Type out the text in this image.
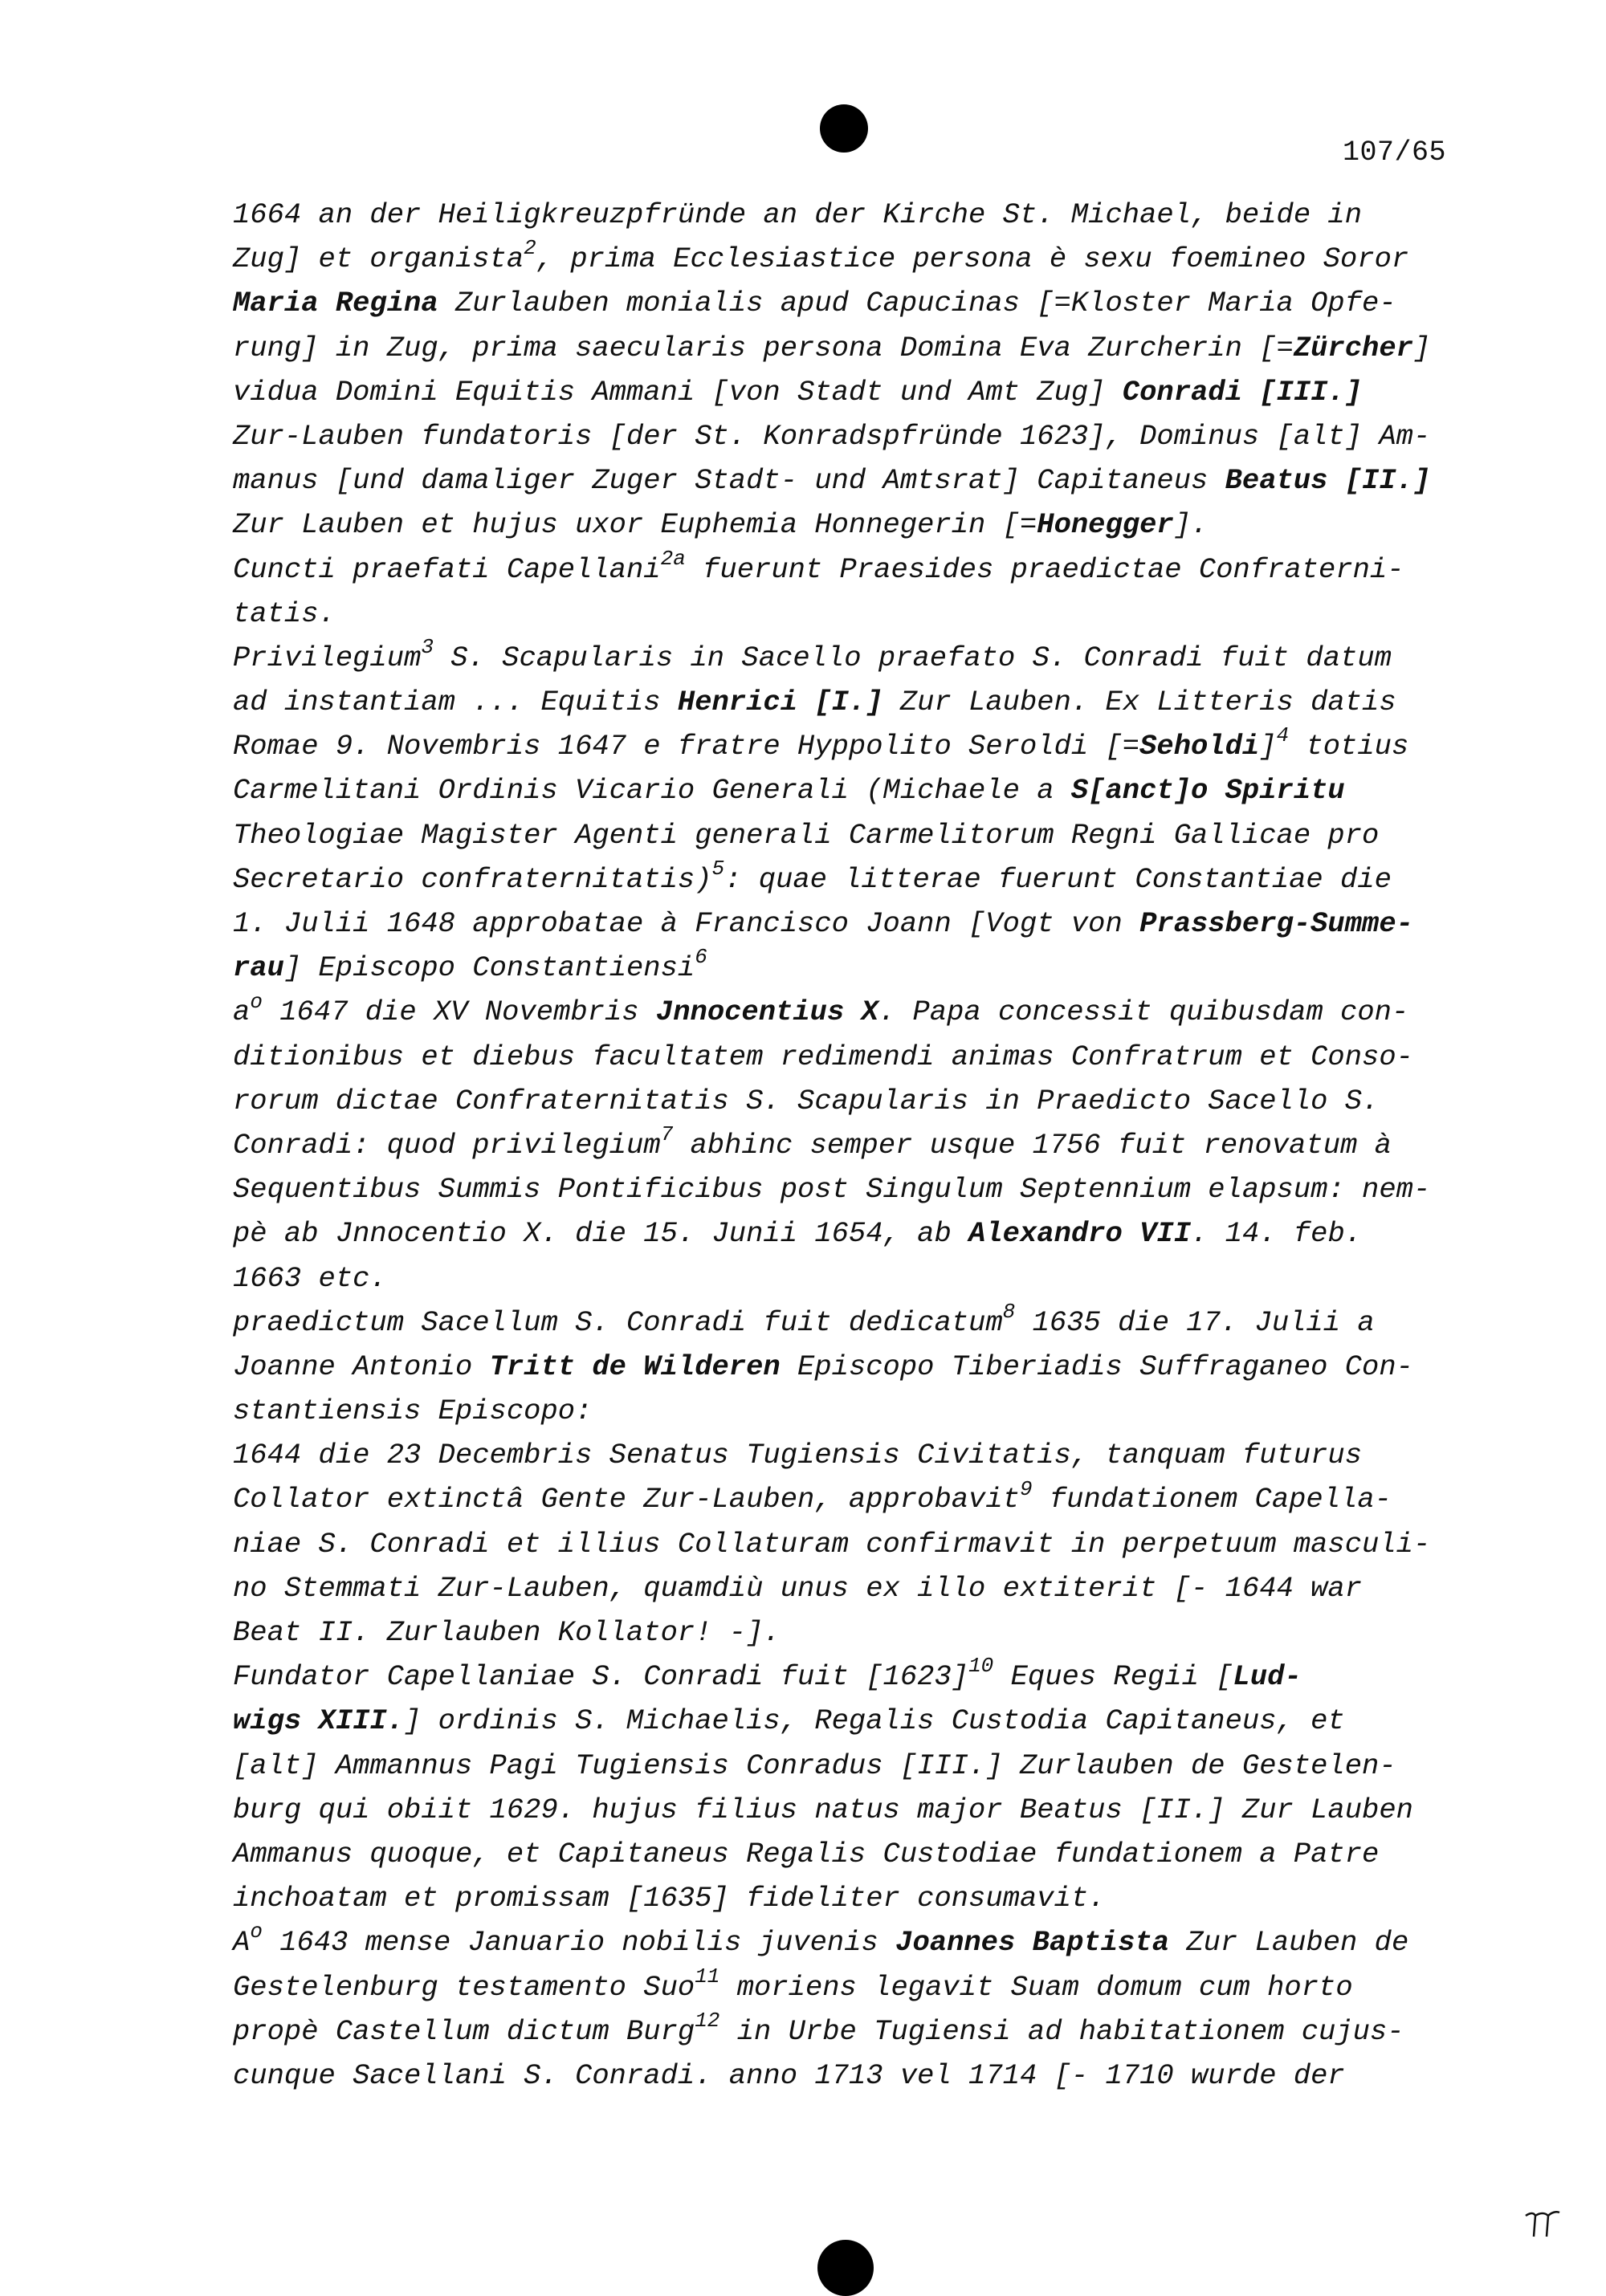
107/65
1664 an der Heiligkreuzpfründe an der Kirche St. Michael, beide in
Zug] et organista$^2$, prima Ecclesiastice persona è sexu foemineo Soror
Maria Regina Zurlauben monialis apud Capucinas [=Kloster Maria Opfe-
rung] in Zug, prima saecularis persona Domina Eva Zurcherin [=Zürcher]
vidua Domini Equitis Ammani [von Stadt und Amt Zug] Conradi [III.]
Zur-Lauben fundatoris [der St. Konradspfründe 1623], Dominus [alt] Am-
manus [und damaliger Zuger Stadt- und Amtsrat] Capitaneus Beatus [II.]
Zur Lauben et hujus uxor Euphemia Honnegerin [=Honegger].
Cuncti praefati Capellani$^{2a}$ fuerunt Praesides praedictae Confraterni-
tatis.
Privilegium$^3$ S. Scapularis in Sacello praefato S. Conradi fuit datum
ad instantiam ... Equitis Henrici [I.] Zur Lauben. Ex Litteris datis
Romae 9. Novembris 1647 e fratre Hyppolito Seroldi [=Seholdi]$^4$ totius
Carmelitani Ordinis Vicario Generali (Michaele a S[anct]o Spiritu
Theologiae Magister Agenti generali Carmelitorum Regni Gallicae pro
Secretario confraternitatis)$^5$: quae litterae fuerunt Constantiae die
1. Julii 1648 approbatae à Francisco Joann [Vogt von Prassberg-Summe-
rau] Episcopo Constantiensi$^6$
$a^o$ 1647 die XV Novembris Jnnocentius X. Papa concessit quibusdam con-
ditionibus et diebus facultatem redimendi animas Confratrum et Conso-
rorum dictae Confraternitatis S. Scapularis in Praedicto Sacello S.
Conradi: quod privilegium$^7$ abhinc semper usque 1756 fuit renovatum à
Sequentibus Summis Pontificibus post Singulum Septennium elapsum: nem-
pè ab Jnnocentio X. die 15. Junii 1654, ab Alexandro VII. 14. feb.
1663 etc.
praedictum Sacellum S. Conradi fuit dedicatum$^8$ 1635 die 17. Julii a
Joanne Antonio Tritt de Wilderen Episcopo Tiberiadis Suffraganeo Con-
stantiensis Episcopo:
1644 die 23 Decembris Senatus Tugiensis Civitatis, tanquam futurus
Collator extinctâ Gente Zur-Lauben, approbavit$^9$ fundationem Capella-
niae S. Conradi et illius Collaturam confirmavit in perpetuum masculi-
no Stemmati Zur-Lauben, quamdiù unus ex illo extiterit [- 1644 war
Beat II. Zurlauben Kollator! -].
Fundator Capellaniae S. Conradi fuit $[1623]^{10}$ Eques Regii [Lud-
wigs XIII.] ordinis S. Michaelis, Regalis Custodia Capitaneus, et
[alt] Ammannus Pagi Tugiensis Conradus [III.] Zurlauben de Gestelen-
burg qui obiit 1629. hujus filius natus major Beatus [II.] Zur Lauben
Ammanus quoque, et Capitaneus Regalis Custodiae fundationem a Patre
inchoatam et promissam [1635] fideliter consumavit.
$A^o$ 1643 mense Januario nobilis juvenis Joannes Baptista Zur Lauben de
Gestelenburg testamento Suo$^{11}$ moriens legavit Suam domum cum horto
propè Castellum dictum Burg$^{12}$ in Urbe Tugiensi ad habitationem cujus-
cunque Sacellani S. Conradi. anno 1713 vel 1714 [- 1710 wurde der
